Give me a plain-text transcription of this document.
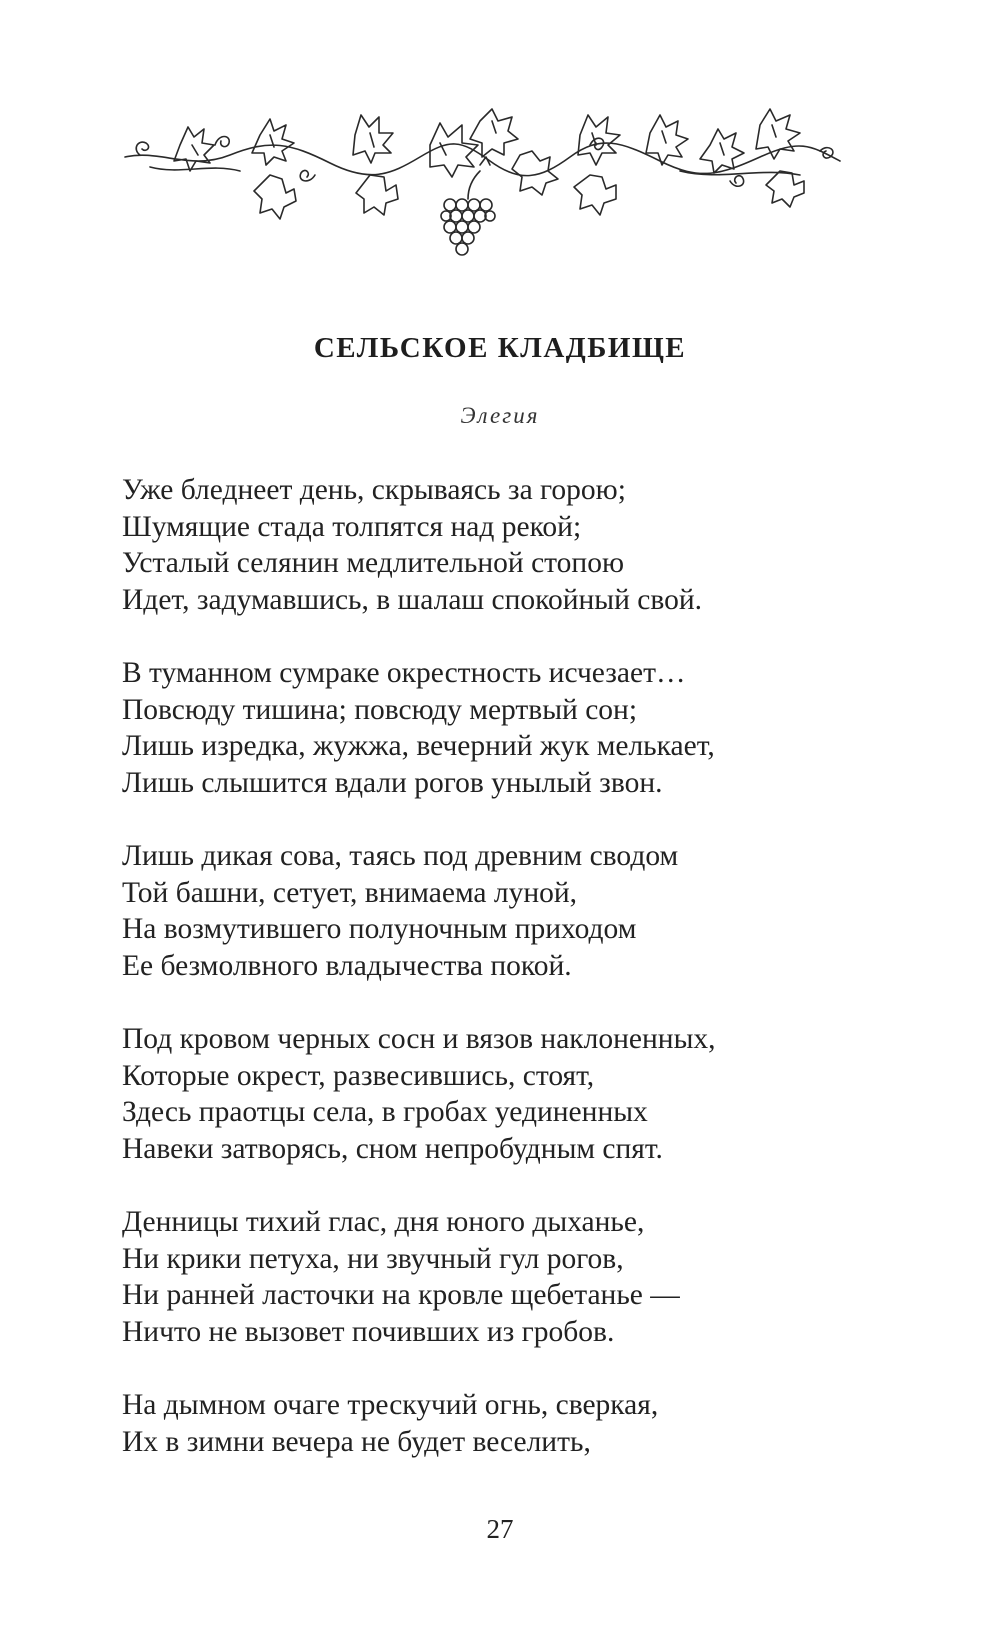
СЕЛЬСКОЕ КЛАДБИЩЕ
Элегия
Уже бледнеет день, скрываясь за горою;
Шумящие стада толпятся над рекой;
Усталый селянин медлительной стопою
Идет, задумавшись, в шалаш спокойный свой.
В туманном сумраке окрестность исчезает…
Повсюду тишина; повсюду мертвый сон;
Лишь изредка, жужжа, вечерний жук мелькает,
Лишь слышится вдали рогов унылый звон.
Лишь дикая сова, таясь под древним сводом
Той башни, сетует, внимаема луной,
На возмутившего полуночным приходом
Ее безмолвного владычества покой.
Под кровом черных сосн и вязов наклоненных,
Которые окрест, развесившись, стоят,
Здесь праотцы села, в гробах уединенных
Навеки затворясь, сном непробудным спят.
Денницы тихий глас, дня юного дыханье,
Ни крики петуха, ни звучный гул рогов,
Ни ранней ласточки на кровле щебетанье —
Ничто не вызовет почивших из гробов.
На дымном очаге трескучий огнь, сверкая,
Их в зимни вечера не будет веселить,
27
